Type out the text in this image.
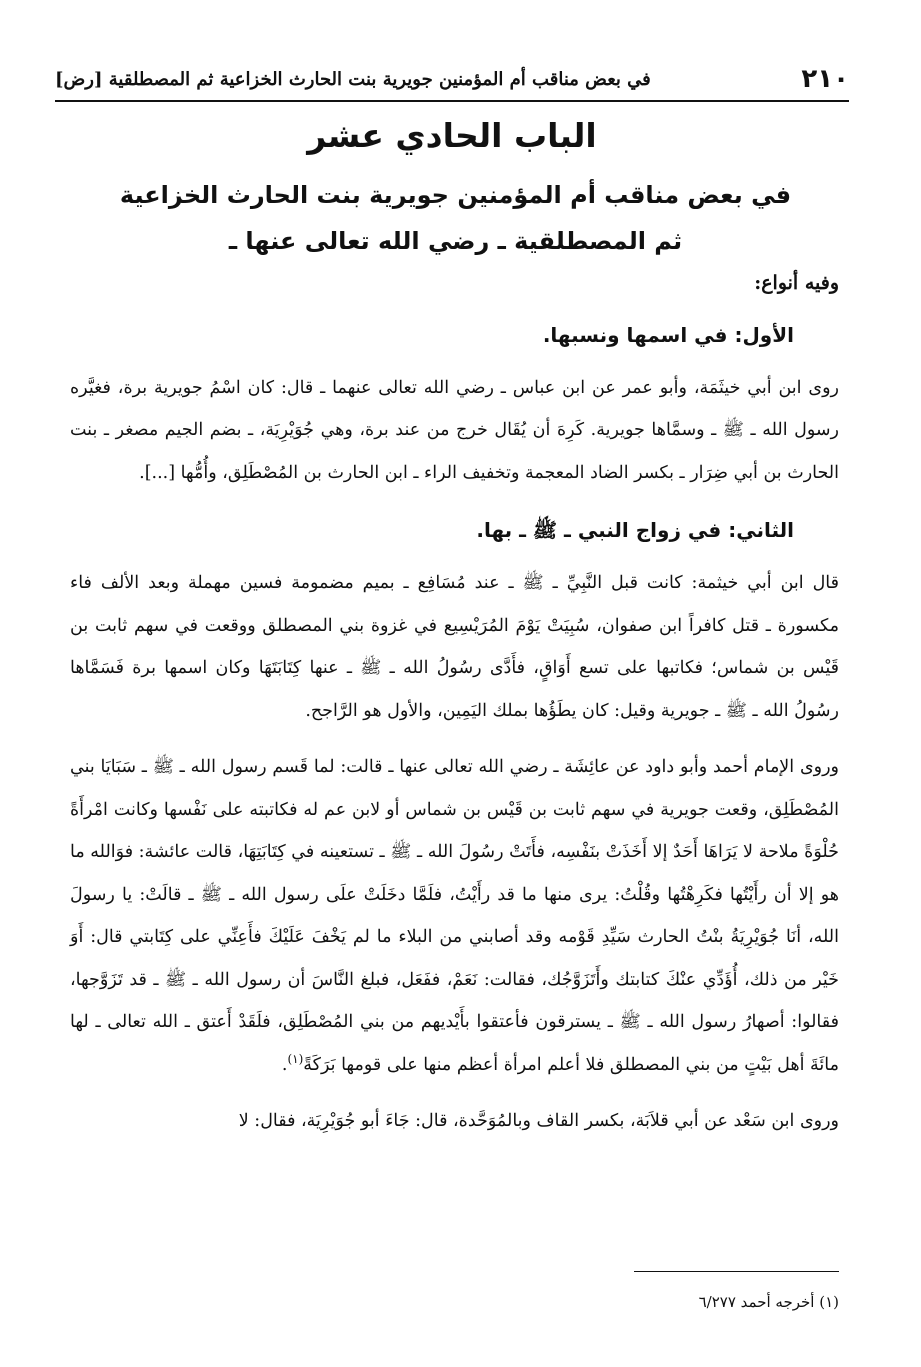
٢١٠
في بعض مناقب أم المؤمنين جويرية بنت الحارث الخزاعية ثم المصطلقية [رض]
الباب الحادي عشر
في بعض مناقب أم المؤمنين جويرية بنت الحارث الخزاعية
ثم المصطلقية ـ رضي الله تعالى عنها ـ

وفيه أنواع:

الأول: في اسمها ونسبها.

روى ابن أبي خيثَمَة، وأبو عمر عن ابن عباس ـ رضي الله تعالى عنهما ـ قال: كان اسْمُ جويرية برة، فغيَّره رسول الله ـ ﷺ ـ وسمَّاها جويرية. كَرِهَ أن يُقَال خرج من عند برة، وهي جُوَيْرِيَة، ـ بضم الجيم مصغر ـ بنت الحارث بن أبي ضِرَار ـ بكسر الضاد المعجمة وتخفيف الراء ـ ابن الحارث بن المُصْطَلِق، وأُمُّها [...].

الثاني: في زواج النبي ـ ﷺ ـ بها.

قال ابن أبي خيثمة: كانت قبل النَّبِيِّ ـ ﷺ ـ عند مُسَافِع ـ بميم مضمومة فسين مهملة وبعد الألف فاء مكسورة ـ قتل كافراً ابن صفوان، سُبِيَتْ يَوْمَ المُرَيْسِيع في غزوة بني المصطلق ووقعت في سهم ثابت بن قَيْس بن شماس؛ فكاتبها على تسع أَوَاقٍ، فأَدَّى رسُولُ الله ـ ﷺ ـ عنها كِتَابَتَهَا وكان اسمها برة فَسَمَّاها رسُولُ الله ـ ﷺ ـ جويرية وقيل: كان يطَؤُها بملك اليَمِين، والأول هو الرَّاجح.

وروى الإمام أحمد وأبو داود عن عائِشَة ـ رضي الله تعالى عنها ـ قالت: لما قَسم رسول الله ـ ﷺ ـ سَبَايَا بني المُصْطَلِق، وقعت جويرية في سهم ثابت بن قَيْس بن شماس أو لابن عم له فكاتبته على نَفْسها وكانت امْرأَةً حُلْوَةً ملاحة لا يَرَاهَا أَحَدٌ إلا أَخَذَتْ بنَفْسِه، فأَتَتْ رسُولَ الله ـ ﷺ ـ تستعينه في كِتَابَتِهَا، قالت عائشة: فوَالله ما هو إلا أن رأَيْتُها فكَرِهْتُها وقُلْتُ: يرى منها ما قد رأَيْتُ، فلَمَّا دخَلَتْ علَى رسول الله ـ ﷺ ـ قالَتْ: يا رسولَ الله، أنَا جُوَيْرِيَةُ بنْتُ الحارث سَيِّدِ قَوْمه وقد أصابني من البلاء ما لم يَخْفَ عَلَيْكَ فأَعِنِّي على كِتَابتي قال: أَوَ خَيْر من ذلك، أُؤَدِّي عنْكَ كتابتك وأَتَزَوَّجُك، فقالت: نَعَمْ، ففَعَل، فبلغ النَّاسَ أن رسول الله ـ ﷺ ـ قد تَزَوَّجها، فقالوا: أصهارُ رسول الله ـ ﷺ ـ يسترقون فأعتقوا بأَيْديهم من بني المُصْطَلِق، فلَقَدْ أَعتق ـ الله تعالى ـ لها مائَةَ أهل بَيْتٍ من بني المصطلق فلا أعلم امرأة أعظم منها على قومها بَرَكَةً$^{(١)}$.

وروى ابن سَعْد عن أبي قلاَبَة، بكسر القاف وبالمُوَحَّدة، قال: جَاءَ أبو جُوَيْرِيَة، فقال: لا

(١) أخرجه أحمد ٦/٢٧٧
